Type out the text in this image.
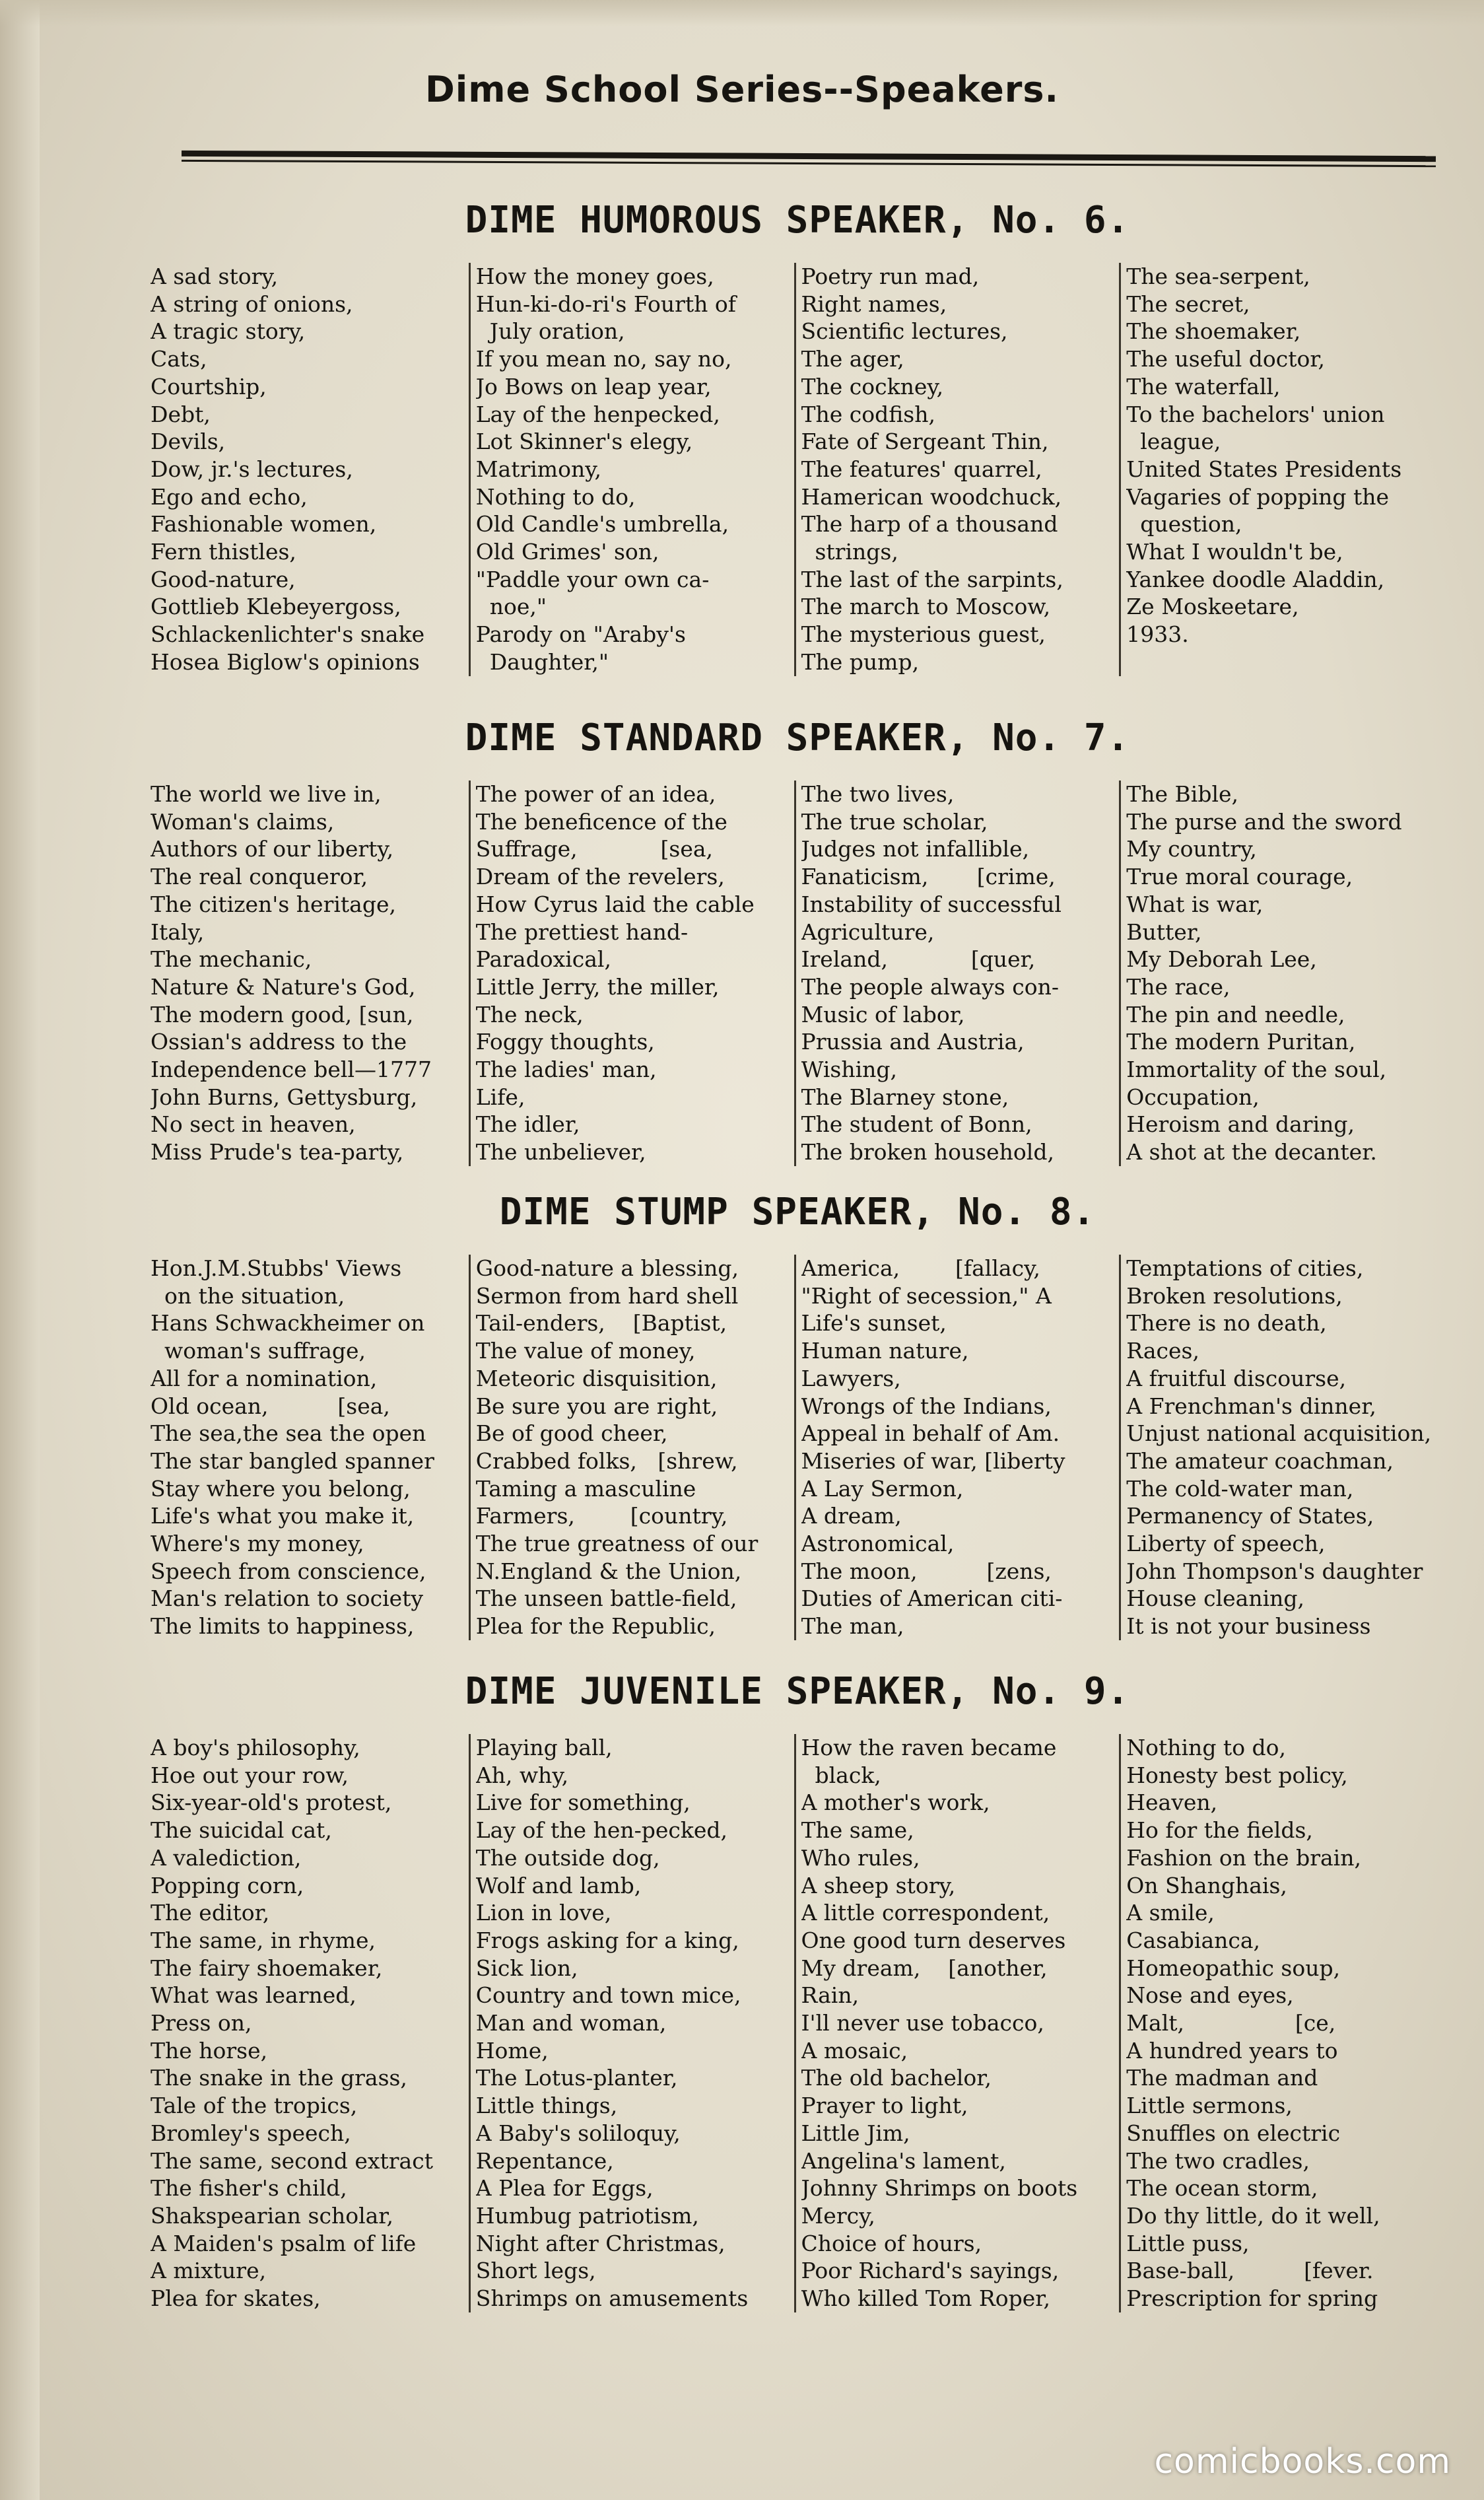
Dime School Series--Speakers.
DIME HUMOROUS SPEAKER, No. 6.
A sad story,
A string of onions,
A tragic story,
Cats,
Courtship,
Debt,
Devils,
Dow, jr.'s lectures,
Ego and echo,
Fashionable women,
Fern thistles,
Good-nature,
Gottlieb Klebeyergoss,
Schlackenlichter's snake
Hosea Biglow's opinions
How the money goes,
Hun-ki-do-ri's Fourth of
July oration,
If you mean no, say no,
Jo Bows on leap year,
Lay of the henpecked,
Lot Skinner's elegy,
Matrimony,
Nothing to do,
Old Candle's umbrella,
Old Grimes' son,
"Paddle your own ca-
noe,"
Parody on "Araby's
Daughter,"
Poetry run mad,
Right names,
Scientific lectures,
The ager,
The cockney,
The codfish,
Fate of Sergeant Thin,
The features' quarrel,
Hamerican woodchuck,
The harp of a thousand
strings,
The last of the sarpints,
The march to Moscow,
The mysterious guest,
The pump,
The sea-serpent,
The secret,
The shoemaker,
The useful doctor,
The waterfall,
To the bachelors' union
league,
United States Presidents
Vagaries of popping the
question,
What I wouldn't be,
Yankee doodle Aladdin,
Ze Moskeetare,
1933.
DIME STANDARD SPEAKER, No. 7.
The world we live in,
Woman's claims,
Authors of our liberty,
The real conqueror,
The citizen's heritage,
Italy,
The mechanic,
Nature & Nature's God,
The modern good, [sun,
Ossian's address to the
Independence bell—1777
John Burns, Gettysburg,
No sect in heaven,
Miss Prude's tea-party,
The power of an idea,
The beneficence of the
Suffrage,            [sea,
Dream of the revelers,
How Cyrus laid the cable
The prettiest hand-
Paradoxical,
Little Jerry, the miller,
The neck,
Foggy thoughts,
The ladies' man,
Life,
The idler,
The unbeliever,
The two lives,
The true scholar,
Judges not infallible,
Fanaticism,       [crime,
Instability of successful
Agriculture,
Ireland,            [quer,
The people always con-
Music of labor,
Prussia and Austria,
Wishing,
The Blarney stone,
The student of Bonn,
The broken household,
The Bible,
The purse and the sword
My country,
True moral courage,
What is war,
Butter,
My Deborah Lee,
The race,
The pin and needle,
The modern Puritan,
Immortality of the soul,
Occupation,
Heroism and daring,
A shot at the decanter.
DIME STUMP SPEAKER, No. 8.
Hon.J.M.Stubbs' Views
on the situation,
Hans Schwackheimer on
woman's suffrage,
All for a nomination,
Old ocean,          [sea,
The sea,the sea the open
The star bangled spanner
Stay where you belong,
Life's what you make it,
Where's my money,
Speech from conscience,
Man's relation to society
The limits to happiness,
Good-nature a blessing,
Sermon from hard shell
Tail-enders,    [Baptist,
The value of money,
Meteoric disquisition,
Be sure you are right,
Be of good cheer,
Crabbed folks,   [shrew,
Taming a masculine
Farmers,        [country,
The true greatness of our
N.England & the Union,
The unseen battle-field,
Plea for the Republic,
America,        [fallacy,
"Right of secession," A
Life's sunset,
Human nature,
Lawyers,
Wrongs of the Indians,
Appeal in behalf of Am.
Miseries of war, [liberty
A Lay Sermon,
A dream,
Astronomical,
The moon,          [zens,
Duties of American citi-
The man,
Temptations of cities,
Broken resolutions,
There is no death,
Races,
A fruitful discourse,
A Frenchman's dinner,
Unjust national acquisition,
The amateur coachman,
The cold-water man,
Permanency of States,
Liberty of speech,
John Thompson's daughter
House cleaning,
It is not your business
DIME JUVENILE SPEAKER, No. 9.
A boy's philosophy,
Hoe out your row,
Six-year-old's protest,
The suicidal cat,
A valediction,
Popping corn,
The editor,
The same, in rhyme,
The fairy shoemaker,
What was learned,
Press on,
The horse,
The snake in the grass,
Tale of the tropics,
Bromley's speech,
The same, second extract
The fisher's child,
Shakspearian scholar,
A Maiden's psalm of life
A mixture,
Plea for skates,
Playing ball,
Ah, why,
Live for something,
Lay of the hen-pecked,
The outside dog,
Wolf and lamb,
Lion in love,
Frogs asking for a king,
Sick lion,
Country and town mice,
Man and woman,
Home,
The Lotus-planter,
Little things,
A Baby's soliloquy,
Repentance,
A Plea for Eggs,
Humbug patriotism,
Night after Christmas,
Short legs,
Shrimps on amusements
How the raven became
black,
A mother's work,
The same,
Who rules,
A sheep story,
A little correspondent,
One good turn deserves
My dream,    [another,
Rain,
I'll never use tobacco,
A mosaic,
The old bachelor,
Prayer to light,
Little Jim,
Angelina's lament,
Johnny Shrimps on boots
Mercy,
Choice of hours,
Poor Richard's sayings,
Who killed Tom Roper,
Nothing to do,
Honesty best policy,
Heaven,
Ho for the fields,
Fashion on the brain,
On Shanghais,
A smile,
Casabianca,
Homeopathic soup,
Nose and eyes,
Malt,                [ce,
A hundred years to
The madman and
Little sermons,
Snuffles on electric
The two cradles,
The ocean storm,
Do thy little, do it well,
Little puss,
Base-ball,          [fever.
Prescription for spring
comicbooks.com
